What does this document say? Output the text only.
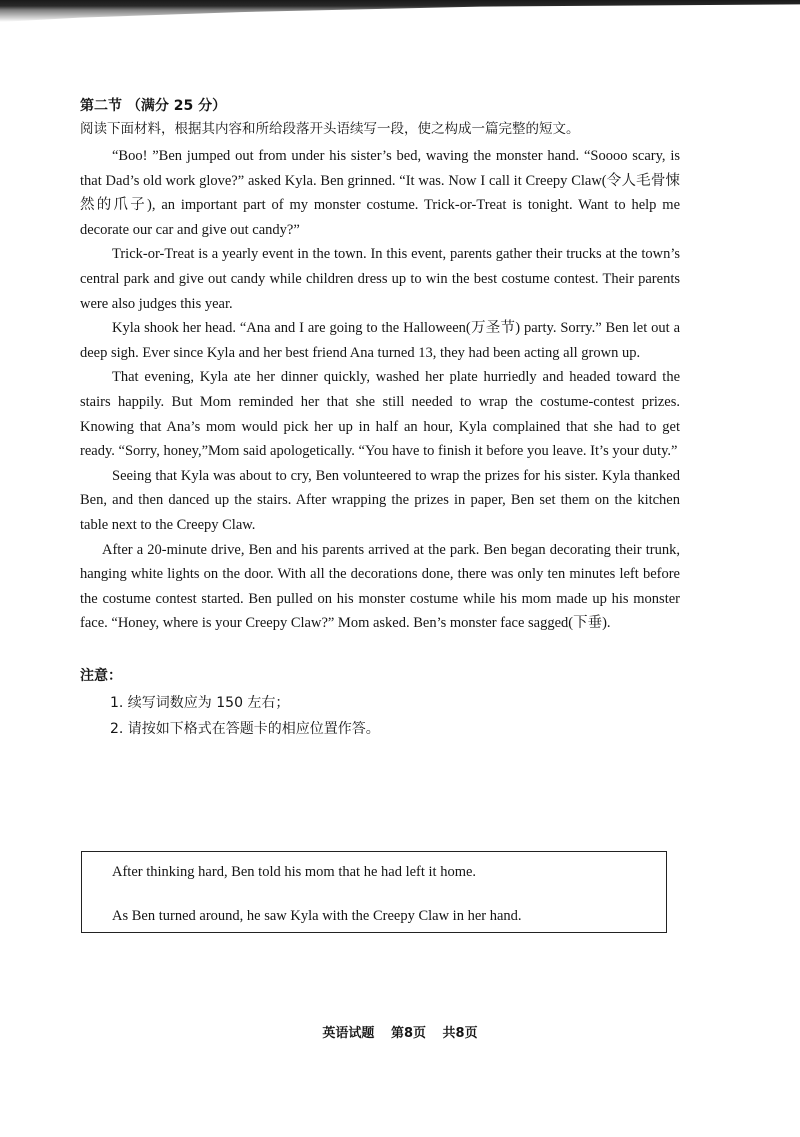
第二节 （满分 25 分）

阅读下面材料，根据其内容和所给段落开头语续写一段，使之构成一篇完整的短文。

“Boo! ”Ben jumped out from under his sister’s bed, waving the monster hand. “Soooo scary, is that Dad’s old work glove?” asked Kyla. Ben grinned. “It was. Now I call it Creepy Claw(令人毛骨悚然的爪子), an important part of my monster costume. Trick-or-Treat is tonight. Want to help me decorate our car and give out candy?”

Trick-or-Treat is a yearly event in the town. In this event, parents gather their trucks at the town’s central park and give out candy while children dress up to win the best costume contest. Their parents were also judges this year.

Kyla shook her head. “Ana and I are going to the Halloween(万圣节) party. Sorry.” Ben let out a deep sigh. Ever since Kyla and her best friend Ana turned 13, they had been acting all grown up.

That evening, Kyla ate her dinner quickly, washed her plate hurriedly and headed toward the stairs happily. But Mom reminded her that she still needed to wrap the costume-contest prizes. Knowing that Ana’s mom would pick her up in half an hour, Kyla complained that she had to get ready. “Sorry, honey,”Mom said apologetically. “You have to finish it before you leave. It’s your duty.”

Seeing that Kyla was about to cry, Ben volunteered to wrap the prizes for his sister. Kyla thanked Ben, and then danced up the stairs. After wrapping the prizes in paper, Ben set them on the kitchen table next to the Creepy Claw.

After a 20-minute drive, Ben and his parents arrived at the park. Ben began decorating their trunk, hanging white lights on the door. With all the decorations done, there was only ten minutes left before the costume contest started. Ben pulled on his monster costume while his mom made up his monster face. “Honey, where is your Creepy Claw?” Mom asked. Ben’s monster face sagged(下垂).

注意：

1. 续写词数应为 150 左右；

2. 请按如下格式在答题卡的相应位置作答。

After thinking hard, Ben told his mom that he had left it home.

As Ben turned around, he saw Kyla with the Creepy Claw in her hand.

英语试题 第8页 共8页
